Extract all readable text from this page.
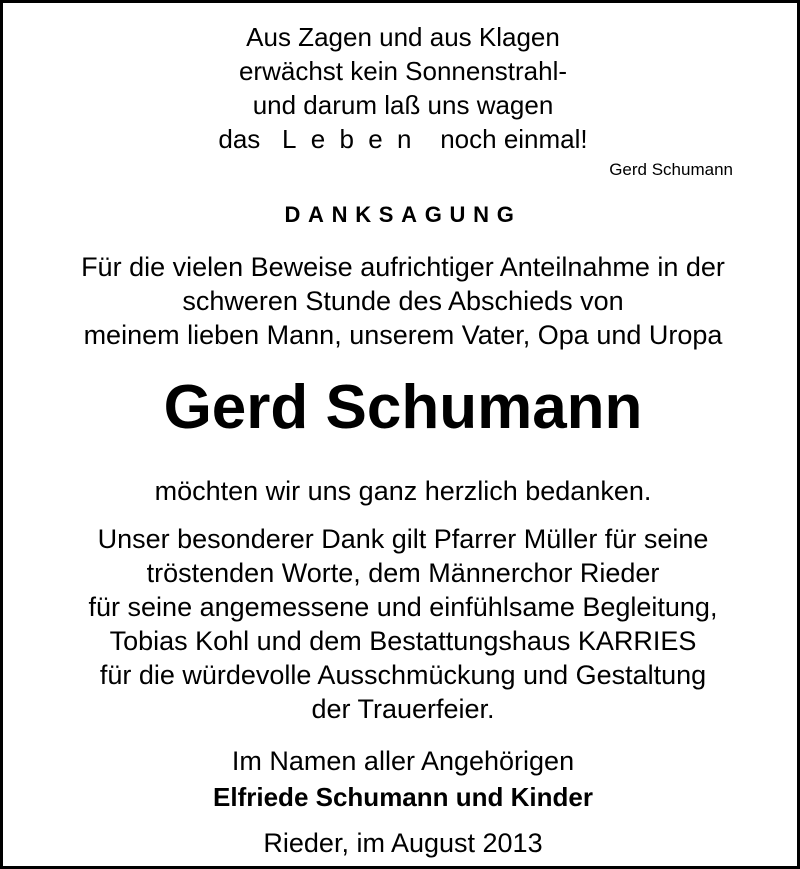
Aus Zagen und aus Klagen
erwächst kein Sonnenstrahl-
und darum laß uns wagen
das Leben noch einmal!
Gerd Schumann
DANKSAGUNG
Für die vielen Beweise aufrichtiger Anteilnahme in der
schweren Stunde des Abschieds von
meinem lieben Mann, unserem Vater, Opa und Uropa
Gerd Schumann
möchten wir uns ganz herzlich bedanken.
Unser besonderer Dank gilt Pfarrer Müller für seine
tröstenden Worte, dem Männerchor Rieder
für seine angemessene und einfühlsame Begleitung,
Tobias Kohl und dem Bestattungshaus KARRIES
für die würdevolle Ausschmückung und Gestaltung
der Trauerfeier.
Im Namen aller Angehörigen
Elfriede Schumann und Kinder
Rieder, im August 2013
